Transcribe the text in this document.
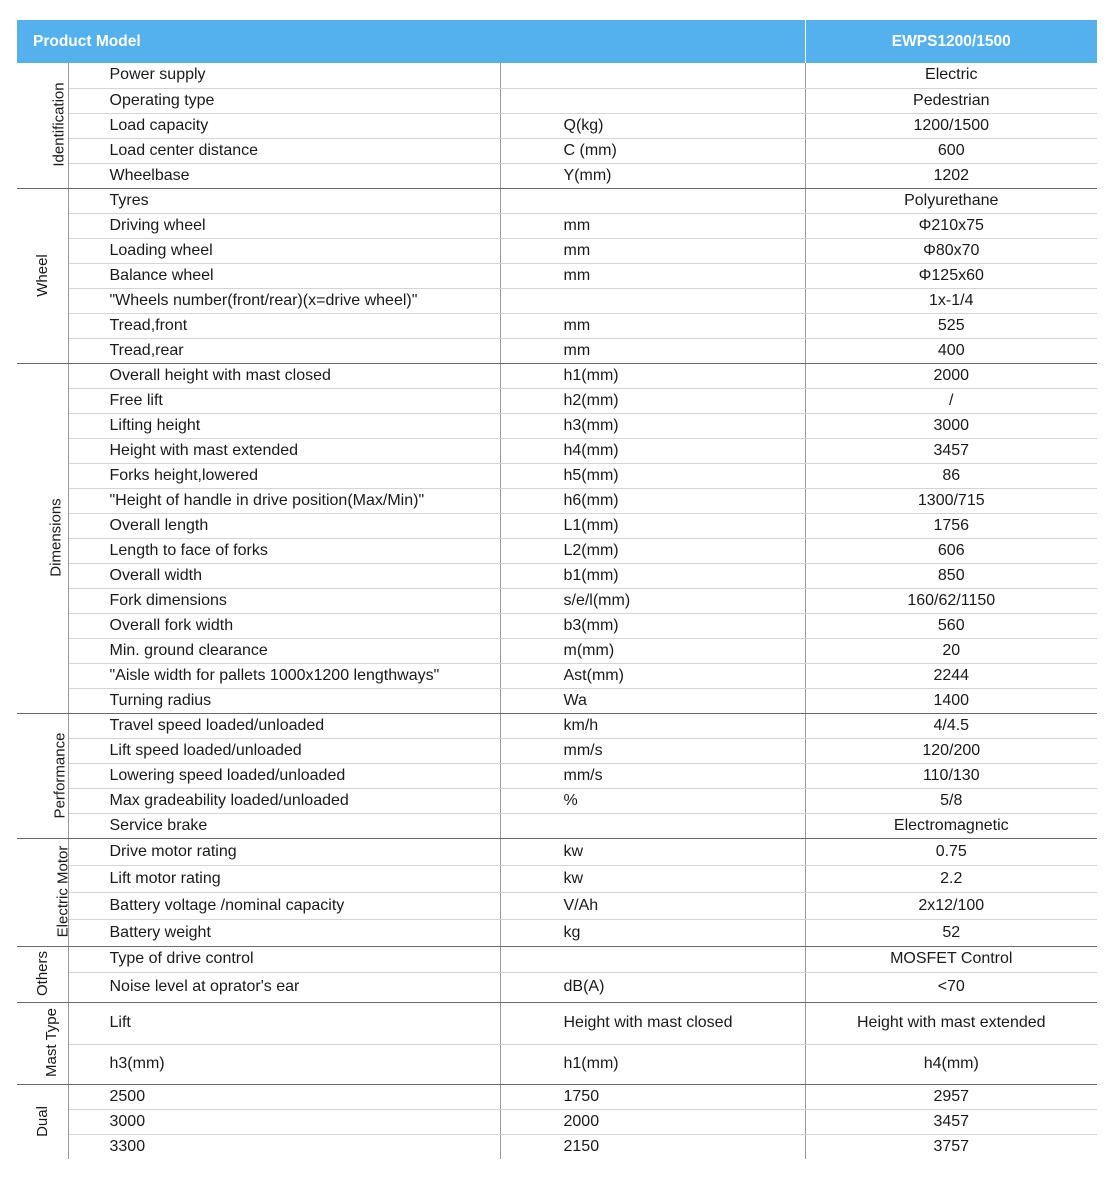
Product Model			EWPS1200/1500
Identification	Power supply		Electric
	Operating type		Pedestrian
	Load capacity	Q(kg)	1200/1500
	Load center distance	C (mm)	600
	Wheelbase	Y(mm)	1202
Wheel	Tyres		Polyurethane
	Driving wheel	mm	Φ210x75
	Loading wheel	mm	Φ80x70
	Balance wheel	mm	Φ125x60
	"Wheels number(front/rear)(x=drive wheel)"		1x-1/4
	Tread,front	mm	525
	Tread,rear	mm	400
Dimensions	Overall height with mast closed	h1(mm)	2000
	Free lift	h2(mm)	/
	Lifting height	h3(mm)	3000
	Height with mast extended	h4(mm)	3457
	Forks height,lowered	h5(mm)	86
	"Height of handle in drive position(Max/Min)"	h6(mm)	1300/715
	Overall length	L1(mm)	1756
	Length to face of forks	L2(mm)	606
	Overall width	b1(mm)	850
	Fork dimensions	s/e/l(mm)	160/62/1150
	Overall fork width	b3(mm)	560
	Min. ground clearance	m(mm)	20
	"Aisle width for pallets 1000x1200 lengthways"	Ast(mm)	2244
	Turning radius	Wa	1400
Performance	Travel speed loaded/unloaded	km/h	4/4.5
	Lift speed loaded/unloaded	mm/s	120/200
	Lowering speed loaded/unloaded	mm/s	110/130
	Max gradeability loaded/unloaded	%	5/8
	Service brake		Electromagnetic
Electric Motor	Drive motor rating	kw	0.75
	Lift motor rating	kw	2.2
	Battery voltage /nominal capacity	V/Ah	2x12/100
	Battery weight	kg	52
Others	Type of drive control		MOSFET Control
	Noise level at oprator's ear	dB(A)	<70
Mast Type	Lift	Height with mast closed	Height with mast extended
	h3(mm)	h1(mm)	h4(mm)
Dual	2500	1750	2957
	3000	2000	3457
	3300	2150	3757
